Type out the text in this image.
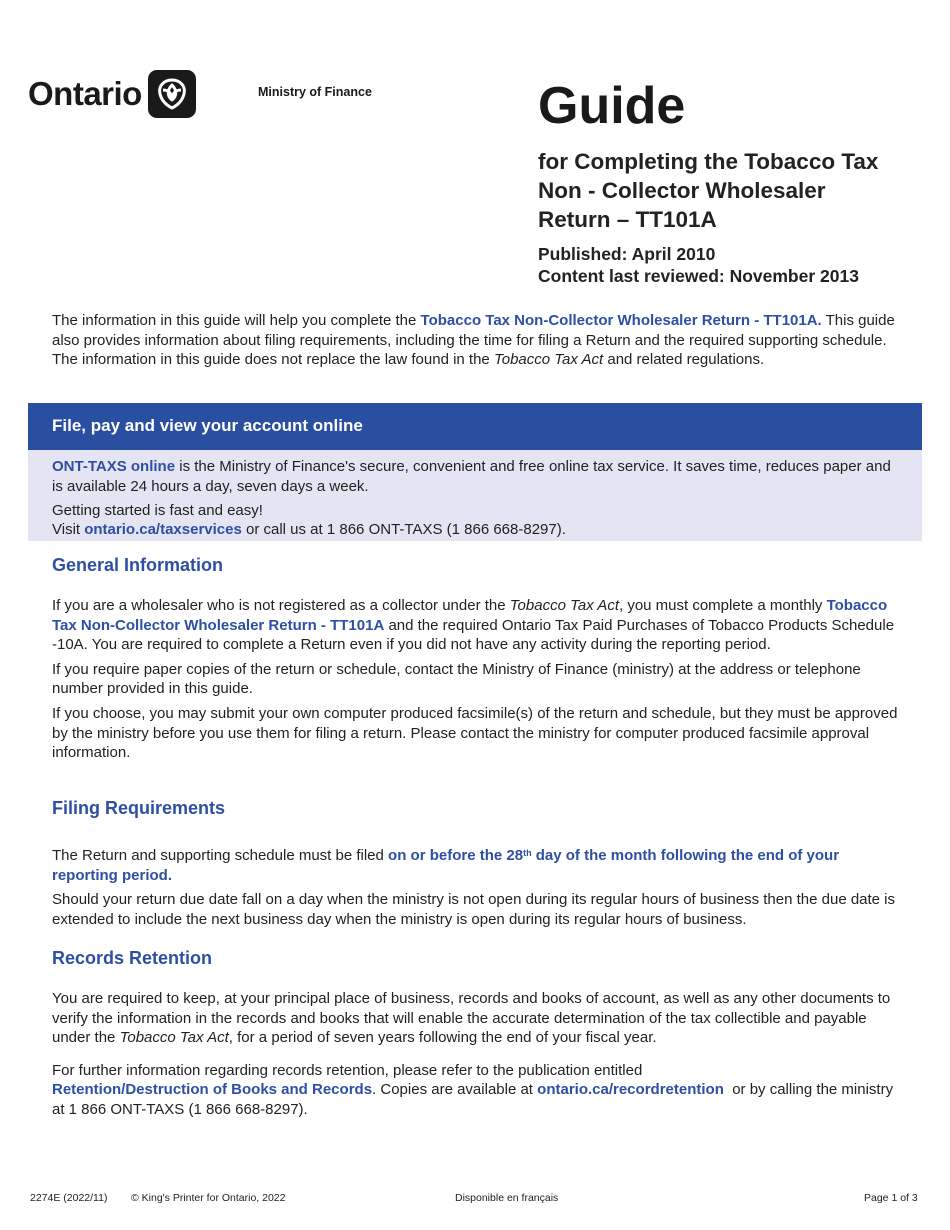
Ontario	Ministry of Finance	Guide
for Completing the Tobacco Tax
Non - Collector Wholesaler
Return – TT101A
Published: April 2010
Content last reviewed: November 2013

The information in this guide will help you complete the Tobacco Tax Non-Collector Wholesaler Return - TT101A. This guide also provides information about filing requirements, including the time for filing a Return and the required supporting schedule. The information in this guide does not replace the law found in the Tobacco Tax Act and related regulations.

File, pay and view your account online

ONT-TAXS online is the Ministry of Finance's secure, convenient and free online tax service. It saves time, reduces paper and is available 24 hours a day, seven days a week.

Getting started is fast and easy!

Visit ontario.ca/taxservices or call us at 1 866 ONT-TAXS (1 866 668-8297).

General Information

If you are a wholesaler who is not registered as a collector under the Tobacco Tax Act, you must complete a monthly Tobacco Tax Non-Collector Wholesaler Return - TT101A and the required Ontario Tax Paid Purchases of Tobacco Products Schedule -10A. You are required to complete a Return even if you did not have any activity during the reporting period.

If you require paper copies of the return or schedule, contact the Ministry of Finance (ministry) at the address or telephone number provided in this guide.

If you choose, you may submit your own computer produced facsimile(s) of the return and schedule, but they must be approved by the ministry before you use them for filing a return. Please contact the ministry for computer produced facsimile approval information.

Filing Requirements

The Return and supporting schedule must be filed on or before the 28th day of the month following the end of your reporting period.

Should your return due date fall on a day when the ministry is not open during its regular hours of business then the due date is extended to include the next business day when the ministry is open during its regular hours of business.

Records Retention

You are required to keep, at your principal place of business, records and books of account, as well as any other documents to verify the information in the records and books that will enable the accurate determination of the tax collectible and payable under the Tobacco Tax Act, for a period of seven years following the end of your fiscal year.

For further information regarding records retention, please refer to the publication entitled
Retention/Destruction of Books and Records. Copies are available at ontario.ca/recordretention  or by calling the ministry at 1 866 ONT-TAXS (1 866 668-8297).

2274E (2022/11) © King's Printer for Ontario, 2022	Disponible en français	Page 1 of 3
